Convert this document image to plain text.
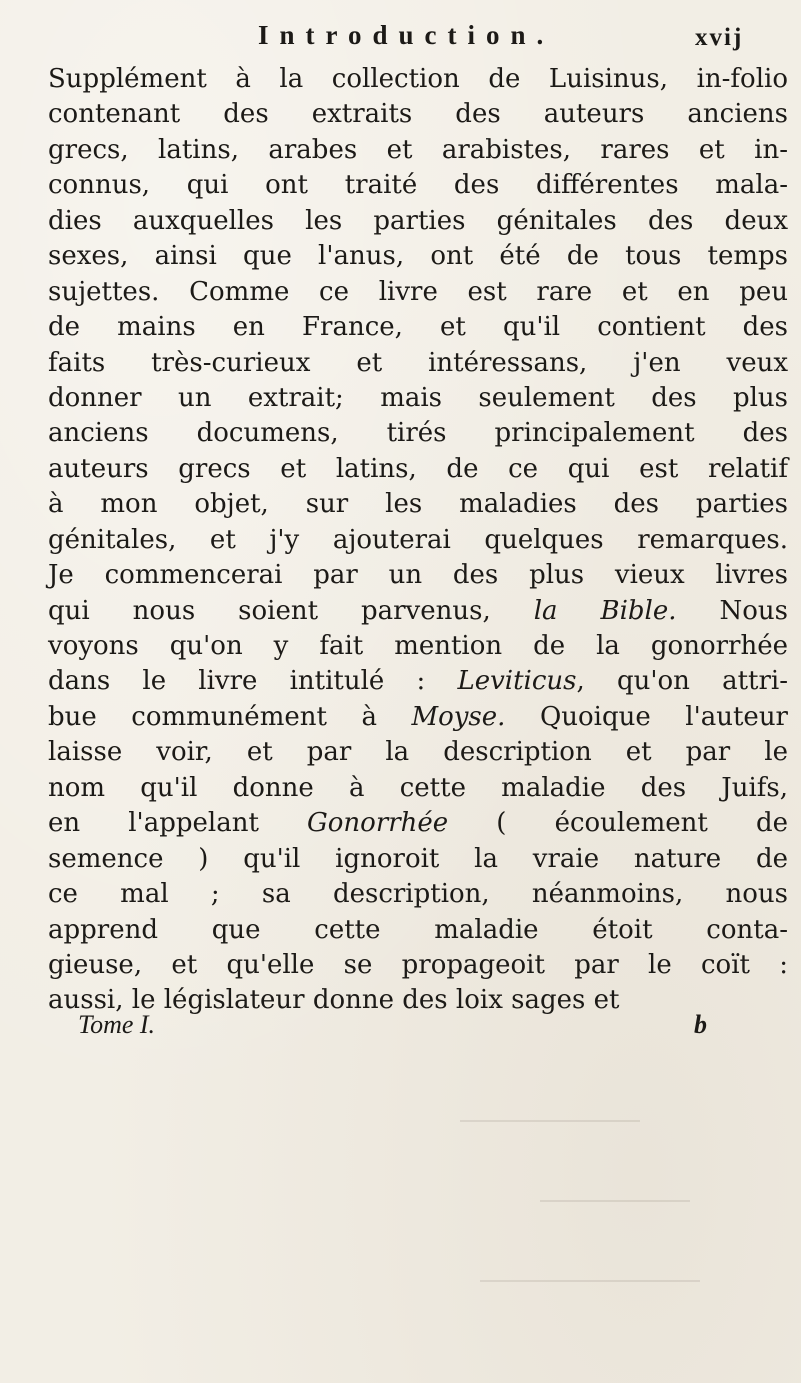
Introduction.	xvij
Supplément à la collection de Luisinus, in-folio
contenant des extraits des auteurs anciens
grecs, latins, arabes et arabistes, rares et in-
connus, qui ont traité des différentes mala-
dies auxquelles les parties génitales des deux
sexes, ainsi que l'anus, ont été de tous temps
sujettes. Comme ce livre est rare et en peu
de mains en France, et qu'il contient des
faits très-curieux et intéressans, j'en veux
donner un extrait; mais seulement des plus
anciens documens, tirés principalement des
auteurs grecs et latins, de ce qui est relatif
à mon objet, sur les maladies des parties
génitales, et j'y ajouterai quelques remarques.
Je commencerai par un des plus vieux livres
qui nous soient parvenus, la Bible. Nous
voyons qu'on y fait mention de la gonorrhée
dans le livre intitulé : Leviticus, qu'on attri-
bue communément à Moyse. Quoique l'auteur
laisse voir, et par la description et par le
nom qu'il donne à cette maladie des Juifs,
en l'appelant Gonorrhée ( écoulement de
semence ) qu'il ignoroit la vraie nature de
ce mal ; sa description, néanmoins, nous
apprend que cette maladie étoit conta-
gieuse, et qu'elle se propageoit par le coït :
aussi, le législateur donne des loix sages et
Tome I.	b
